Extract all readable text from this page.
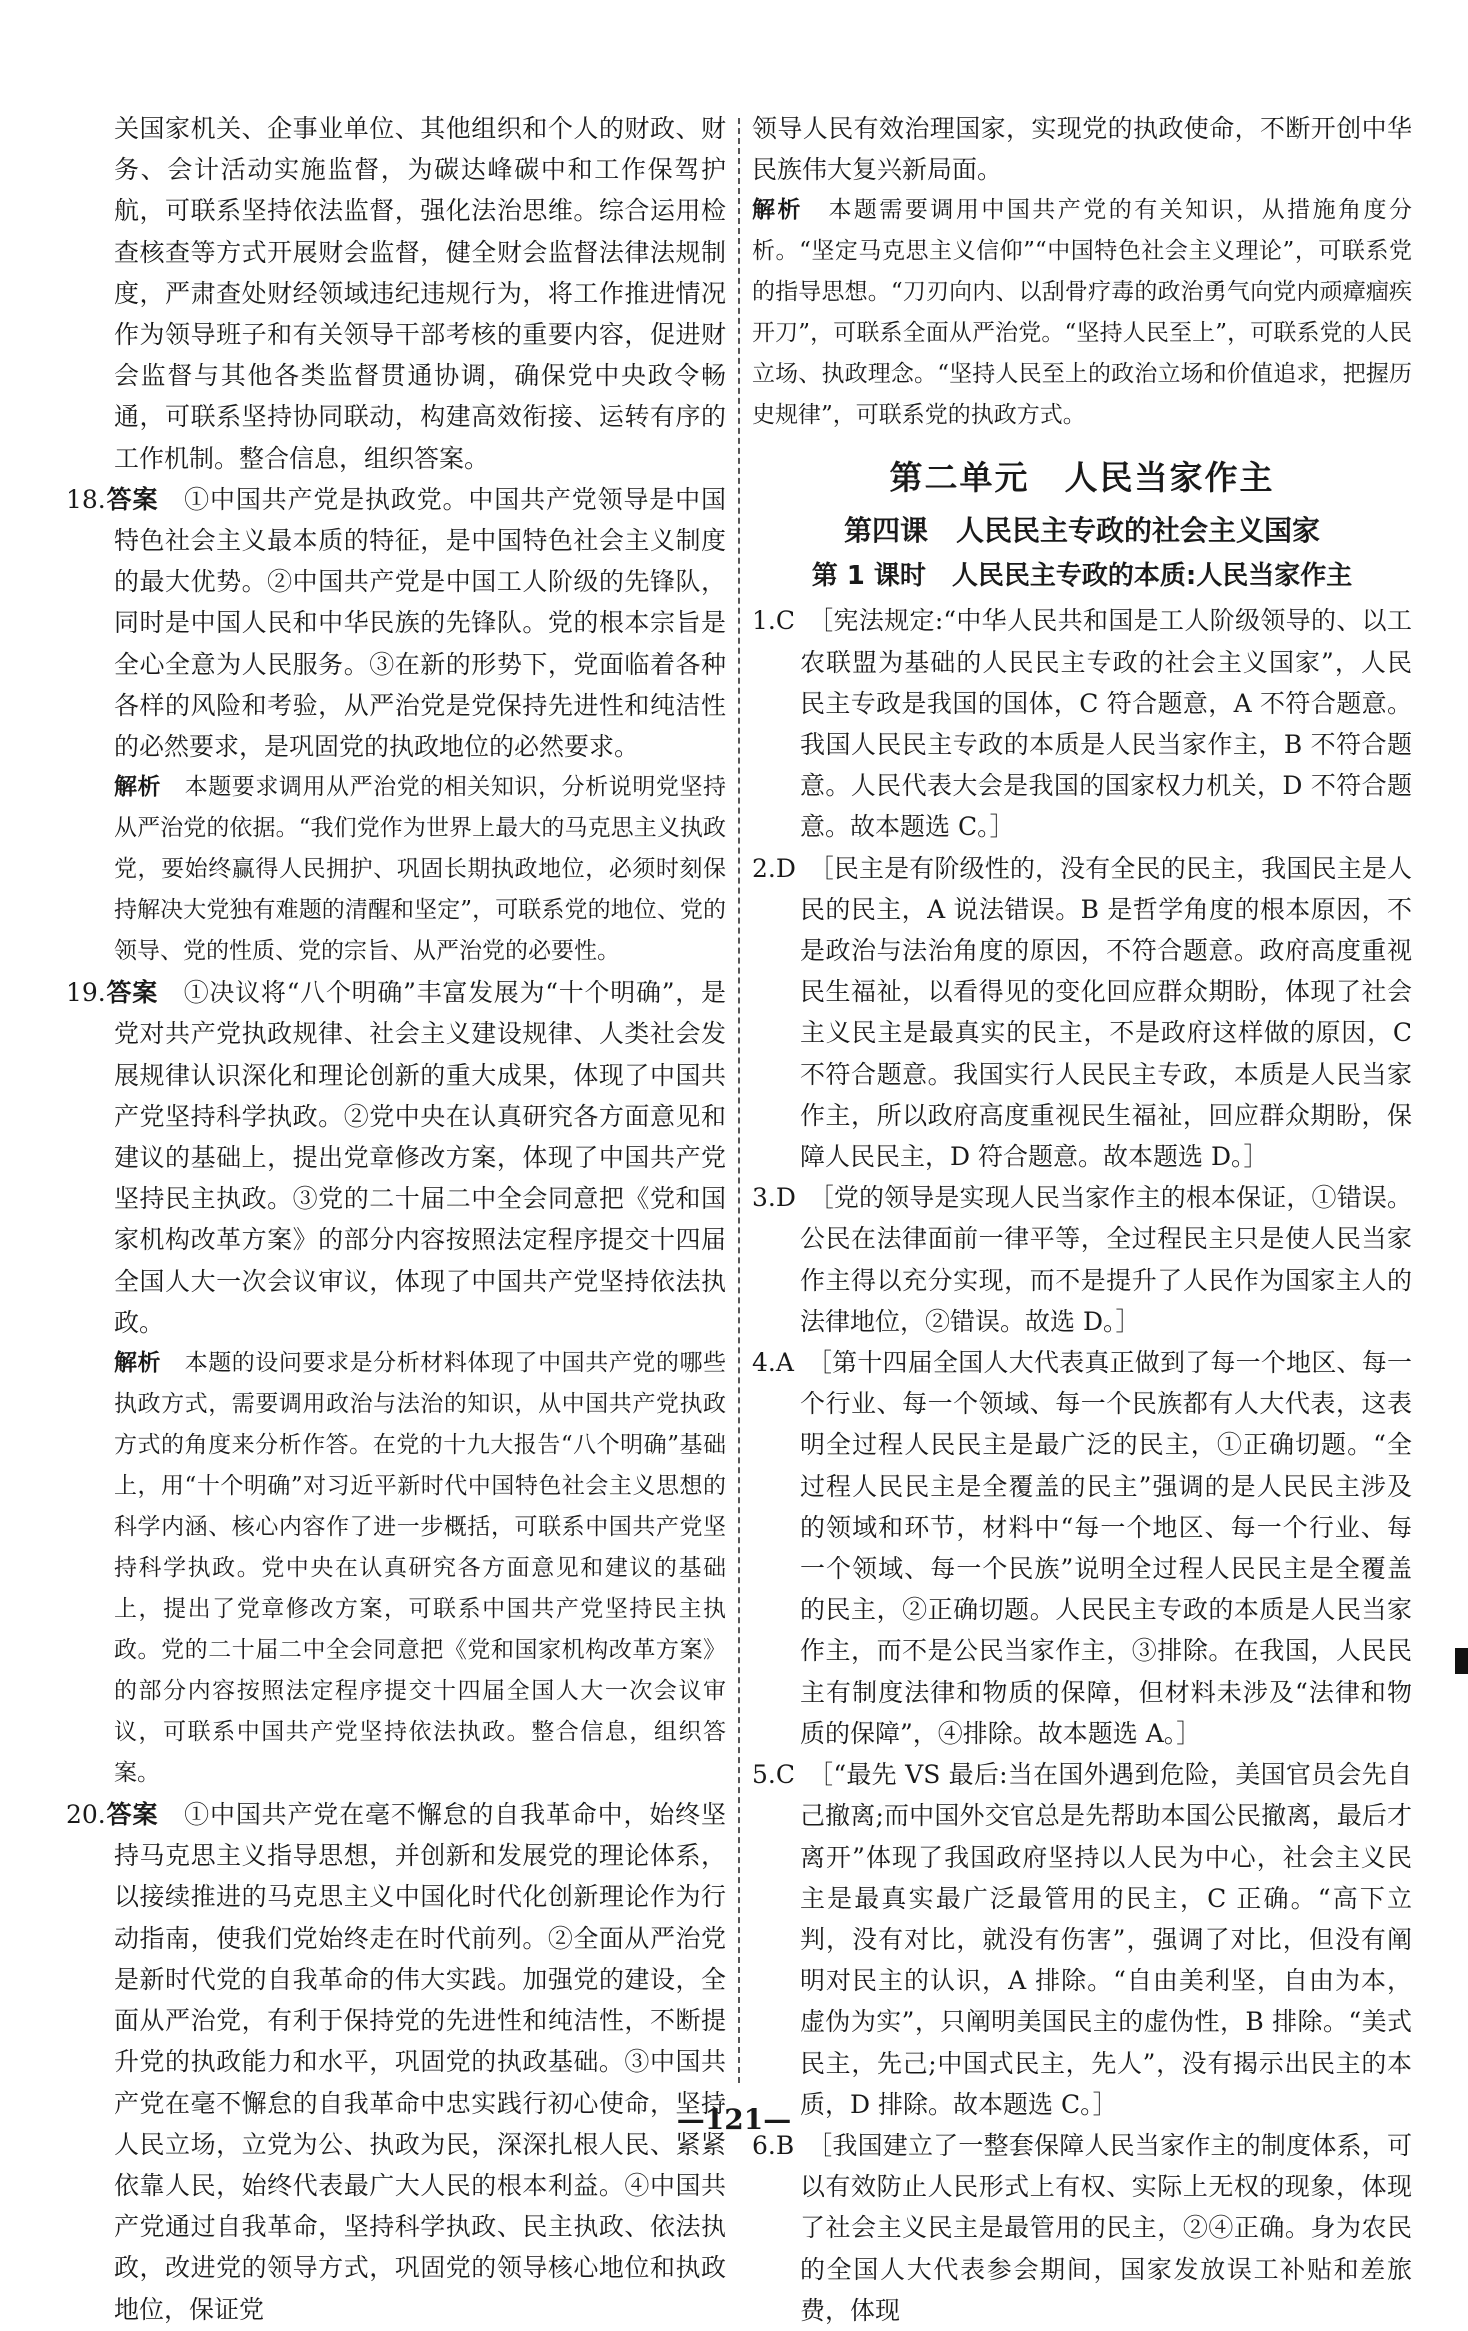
关国家机关、企事业单位、其他组织和个人的财政、财务、会计活动实施监督，为碳达峰碳中和工作保驾护航，可联系坚持依法监督，强化法治思维。综合运用检查核查等方式开展财会监督，健全财会监督法律法规制度，严肃查处财经领域违纪违规行为，将工作推进情况作为领导班子和有关领导干部考核的重要内容，促进财会监督与其他各类监督贯通协调，确保党中央政令畅通，可联系坚持协同联动，构建高效衔接、运转有序的工作机制。整合信息，组织答案。

18.答案　 ①中国共产党是执政党。中国共产党领导是中国特色社会主义最本质的特征，是中国特色社会主义制度的最大优势。②中国共产党是中国工人阶级的先锋队，同时是中国人民和中华民族的先锋队。党的根本宗旨是全心全意为人民服务。③在新的形势下，党面临着各种各样的风险和考验，从严治党是党保持先进性和纯洁性的必然要求，是巩固党的执政地位的必然要求。

解析　 本题要求调用从严治党的相关知识，分析说明党坚持从严治党的依据。“我们党作为世界上最大的马克思主义执政党，要始终赢得人民拥护、巩固长期执政地位，必须时刻保持解决大党独有难题的清醒和坚定”，可联系党的地位、党的领导、党的性质、党的宗旨、从严治党的必要性。

19.答案　 ①决议将“八个明确”丰富发展为“十个明确”，是党对共产党执政规律、社会主义建设规律、人类社会发展规律认识深化和理论创新的重大成果，体现了中国共产党坚持科学执政。②党中央在认真研究各方面意见和建议的基础上，提出党章修改方案，体现了中国共产党坚持民主执政。③党的二十届二中全会同意把《党和国家机构改革方案》的部分内容按照法定程序提交十四届全国人大一次会议审议，体现了中国共产党坚持依法执政。

解析　 本题的设问要求是分析材料体现了中国共产党的哪些执政方式，需要调用政治与法治的知识，从中国共产党执政方式的角度来分析作答。在党的十九大报告“八个明确”基础上，用“十个明确”对习近平新时代中国特色社会主义思想的科学内涵、核心内容作了进一步概括，可联系中国共产党坚持科学执政。党中央在认真研究各方面意见和建议的基础上，提出了党章修改方案，可联系中国共产党坚持民主执政。党的二十届二中全会同意把《党和国家机构改革方案》的部分内容按照法定程序提交十四届全国人大一次会议审议，可联系中国共产党坚持依法执政。整合信息，组织答案。

20.答案　 ①中国共产党在毫不懈怠的自我革命中，始终坚持马克思主义指导思想，并创新和发展党的理论体系，以接续推进的马克思主义中国化时代化创新理论作为行动指南，使我们党始终走在时代前列。②全面从严治党是新时代党的自我革命的伟大实践。加强党的建设，全面从严治党，有利于保持党的先进性和纯洁性，不断提升党的执政能力和水平，巩固党的执政基础。③中国共产党在毫不懈怠的自我革命中忠实践行初心使命，坚持人民立场，立党为公、执政为民，深深扎根人民、紧紧依靠人民，始终代表最广大人民的根本利益。④中国共产党通过自我革命，坚持科学执政、民主执政、依法执政，改进党的领导方式，巩固党的领导核心地位和执政地位，保证党

领导人民有效治理国家，实现党的执政使命，不断开创中华民族伟大复兴新局面。

解析　 本题需要调用中国共产党的有关知识，从措施角度分析。“坚定马克思主义信仰”“中国特色社会主义理论”，可联系党的指导思想。“刀刃向内、以刮骨疗毒的政治勇气向党内顽瘴痼疾开刀”，可联系全面从严治党。“坚持人民至上”，可联系党的人民立场、执政理念。“坚持人民至上的政治立场和价值追求，把握历史规律”，可联系党的执政方式。

第二单元　人民当家作主
第四课　人民民主专政的社会主义国家
第 1 课时　人民民主专政的本质:人民当家作主

1.C　 ［宪法规定:“中华人民共和国是工人阶级领导的、以工农联盟为基础的人民民主专政的社会主义国家”，人民民主专政是我国的国体，C 符合题意，A 不符合题意。我国人民民主专政的本质是人民当家作主，B 不符合题意。人民代表大会是我国的国家权力机关，D 不符合题意。故本题选 C。］

2.D　 ［民主是有阶级性的，没有全民的民主，我国民主是人民的民主，A 说法错误。B 是哲学角度的根本原因，不是政治与法治角度的原因，不符合题意。政府高度重视民生福祉，以看得见的变化回应群众期盼，体现了社会主义民主是最真实的民主，不是政府这样做的原因，C 不符合题意。我国实行人民民主专政，本质是人民当家作主，所以政府高度重视民生福祉，回应群众期盼，保障人民民主，D 符合题意。故本题选 D。］

3.D　 ［党的领导是实现人民当家作主的根本保证，①错误。公民在法律面前一律平等，全过程民主只是使人民当家作主得以充分实现，而不是提升了人民作为国家主人的法律地位，②错误。故选 D。］

4.A　 ［第十四届全国人大代表真正做到了每一个地区、每一个行业、每一个领域、每一个民族都有人大代表，这表明全过程人民民主是最广泛的民主，①正确切题。“全过程人民民主是全覆盖的民主”强调的是人民民主涉及的领域和环节，材料中“每一个地区、每一个行业、每一个领域、每一个民族”说明全过程人民民主是全覆盖的民主，②正确切题。人民民主专政的本质是人民当家作主，而不是公民当家作主，③排除。在我国，人民民主有制度法律和物质的保障，但材料未涉及“法律和物质的保障”，④排除。故本题选 A。］

5.C　 ［“最先 VS 最后:当在国外遇到危险，美国官员会先自己撤离;而中国外交官总是先帮助本国公民撤离，最后才离开”体现了我国政府坚持以人民为中心，社会主义民主是最真实最广泛最管用的民主，C 正确。“高下立判，没有对比，就没有伤害”，强调了对比，但没有阐明对民主的认识，A 排除。“自由美利坚，自由为本，虚伪为实”，只阐明美国民主的虚伪性，B 排除。“美式民主，先己;中国式民主，先人”，没有揭示出民主的本质，D 排除。故本题选 C。］

6.B　 ［我国建立了一整套保障人民当家作主的制度体系，可以有效防止人民形式上有权、实际上无权的现象，体现了社会主义民主是最管用的民主，②④正确。身为农民的全国人大代表参会期间，国家发放误工补贴和差旅费，体现

—121—
